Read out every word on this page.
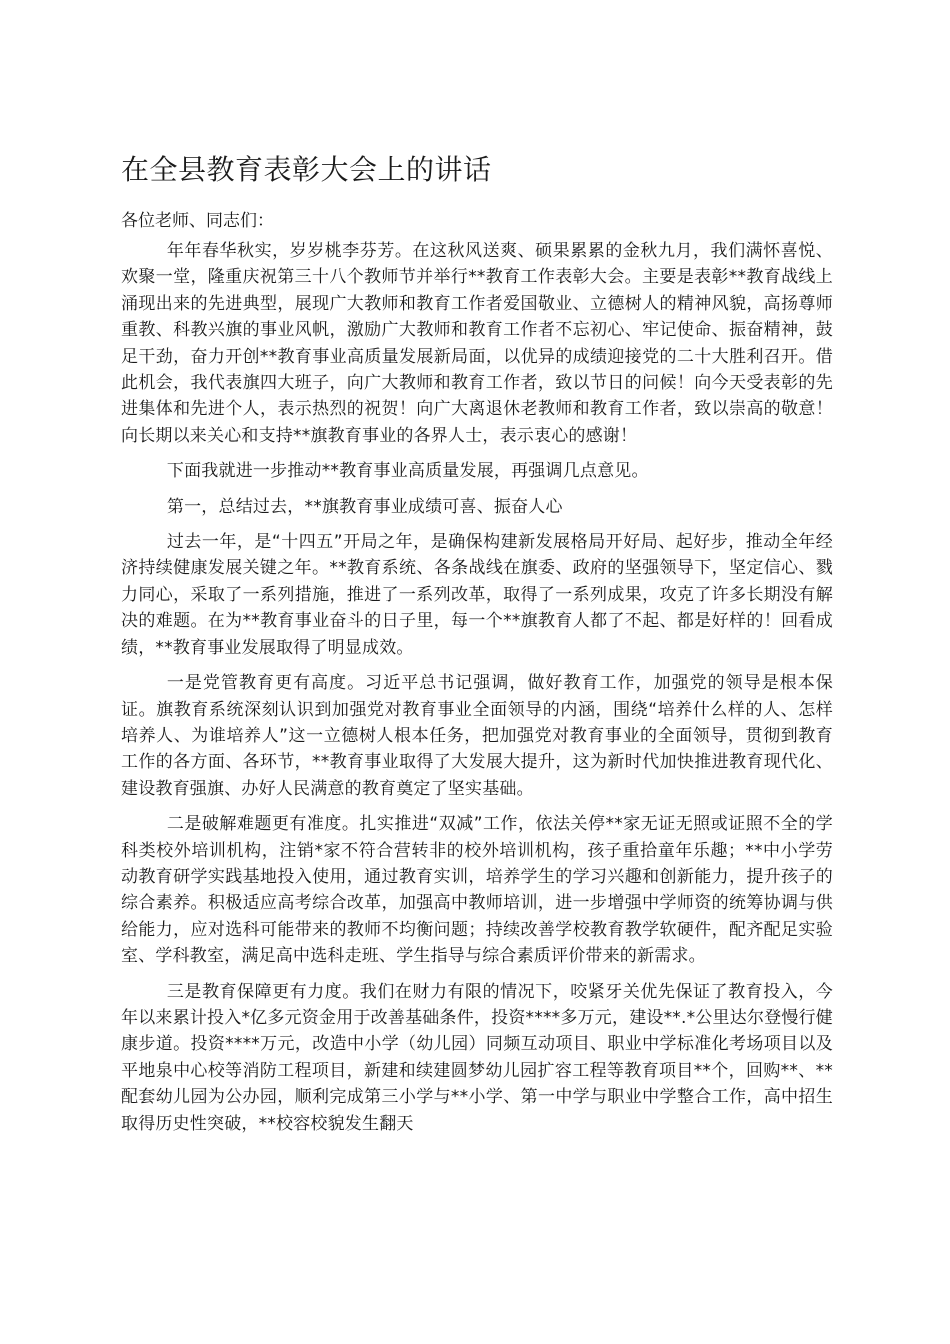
在全县教育表彰大会上的讲话

各位老师、同志们：

年年春华秋实，岁岁桃李芬芳。在这秋风送爽、硕果累累的金秋九月，我们满怀喜悦、欢聚一堂，隆重庆祝第三十八个教师节并举行**教育工作表彰大会。主要是表彰**教育战线上涌现出来的先进典型，展现广大教师和教育工作者爱国敬业、立德树人的精神风貌，高扬尊师重教、科教兴旗的事业风帆，激励广大教师和教育工作者不忘初心、牢记使命、振奋精神，鼓足干劲，奋力开创**教育事业高质量发展新局面，以优异的成绩迎接党的二十大胜利召开。借此机会，我代表旗四大班子，向广大教师和教育工作者，致以节日的问候！向今天受表彰的先进集体和先进个人，表示热烈的祝贺！向广大离退休老教师和教育工作者，致以崇高的敬意！向长期以来关心和支持**旗教育事业的各界人士，表示衷心的感谢！

下面我就进一步推动**教育事业高质量发展，再强调几点意见。

第一，总结过去，**旗教育事业成绩可喜、振奋人心

过去一年，是“十四五”开局之年，是确保构建新发展格局开好局、起好步，推动全年经济持续健康发展关键之年。**教育系统、各条战线在旗委、政府的坚强领导下，坚定信心、戮力同心，采取了一系列措施，推进了一系列改革，取得了一系列成果，攻克了许多长期没有解决的难题。在为**教育事业奋斗的日子里，每一个**旗教育人都了不起、都是好样的！回看成绩，**教育事业发展取得了明显成效。

一是党管教育更有高度。习近平总书记强调，做好教育工作，加强党的领导是根本保证。旗教育系统深刻认识到加强党对教育事业全面领导的内涵，围绕“培养什么样的人、怎样培养人、为谁培养人”这一立德树人根本任务，把加强党对教育事业的全面领导，贯彻到教育工作的各方面、各环节，**教育事业取得了大发展大提升，这为新时代加快推进教育现代化、建设教育强旗、办好人民满意的教育奠定了坚实基础。

二是破解难题更有准度。扎实推进“双减”工作，依法关停**家无证无照或证照不全的学科类校外培训机构，注销*家不符合营转非的校外培训机构，孩子重拾童年乐趣；**中小学劳动教育研学实践基地投入使用，通过教育实训，培养学生的学习兴趣和创新能力，提升孩子的综合素养。积极适应高考综合改革，加强高中教师培训，进一步增强中学师资的统筹协调与供给能力，应对选科可能带来的教师不均衡问题；持续改善学校教育教学软硬件，配齐配足实验室、学科教室，满足高中选科走班、学生指导与综合素质评价带来的新需求。

三是教育保障更有力度。我们在财力有限的情况下，咬紧牙关优先保证了教育投入，今年以来累计投入*亿多元资金用于改善基础条件，投资****多万元，建设**.*公里达尔登慢行健康步道。投资****万元，改造中小学（幼儿园）同频互动项目、职业中学标准化考场项目以及平地泉中心校等消防工程项目，新建和续建圆梦幼儿园扩容工程等教育项目**个，回购**、**配套幼儿园为公办园，顺利完成第三小学与**小学、第一中学与职业中学整合工作，高中招生取得历史性突破，**校容校貌发生翻天
